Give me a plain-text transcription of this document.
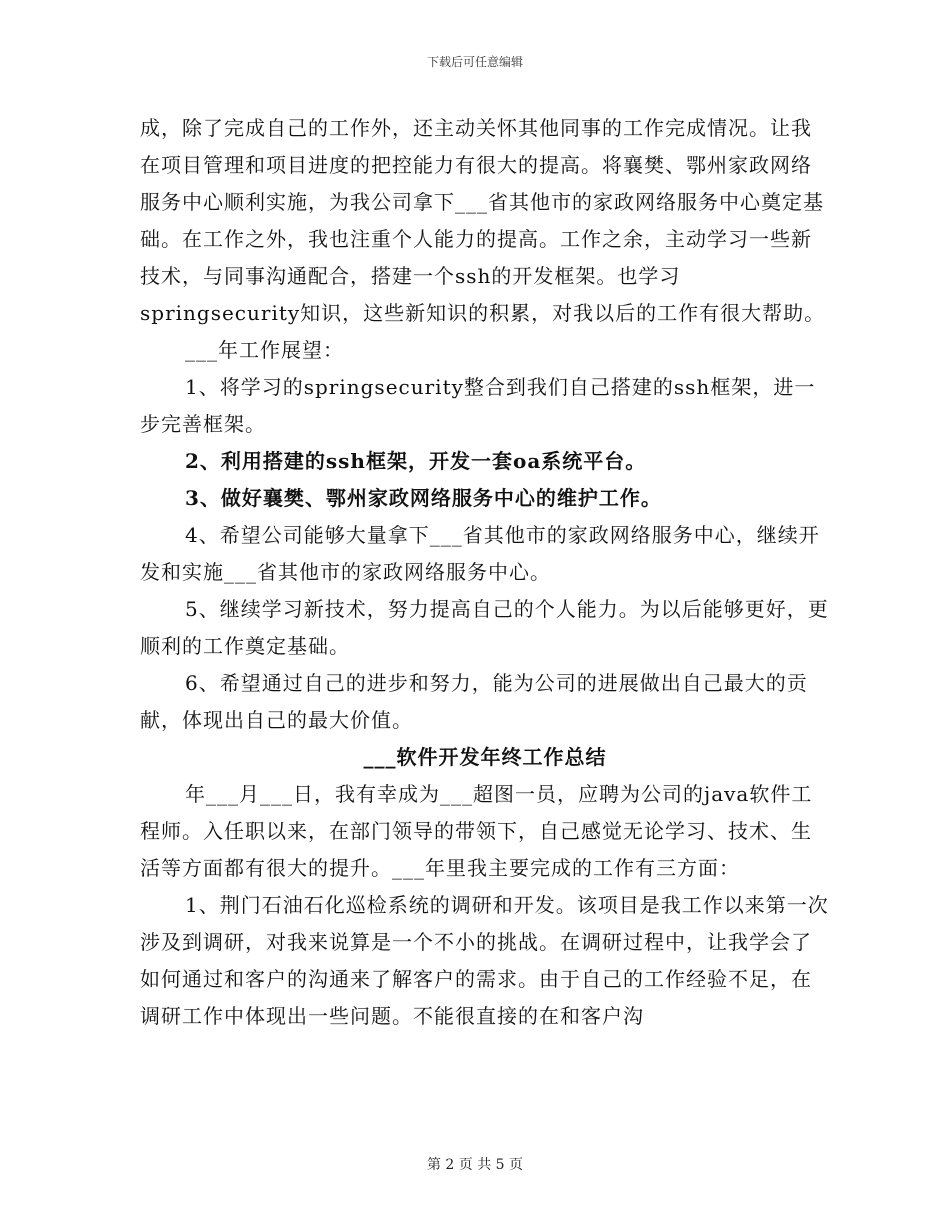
下载后可任意编辑

成，除了完成自己的工作外，还主动关怀其他同事的工作完成情况。让我在项目管理和项目进度的把控能力有很大的提高。将襄樊、鄂州家政网络服务中心顺利实施，为我公司拿下___省其他市的家政网络服务中心奠定基础。在工作之外，我也注重个人能力的提高。工作之余，主动学习一些新技术，与同事沟通配合，搭建一个ssh的开发框架。也学习springsecurity知识，这些新知识的积累，对我以后的工作有很大帮助。

___年工作展望：

1、将学习的springsecurity整合到我们自己搭建的ssh框架，进一步完善框架。

2、利用搭建的ssh框架，开发一套oa系统平台。

3、做好襄樊、鄂州家政网络服务中心的维护工作。

4、希望公司能够大量拿下___省其他市的家政网络服务中心，继续开发和实施___省其他市的家政网络服务中心。

5、继续学习新技术，努力提高自己的个人能力。为以后能够更好，更顺利的工作奠定基础。

6、希望通过自己的进步和努力，能为公司的进展做出自己最大的贡献，体现出自己的最大价值。

___软件开发年终工作总结

年___月___日，我有幸成为___超图一员，应聘为公司的java软件工程师。入任职以来，在部门领导的带领下，自己感觉无论学习、技术、生活等方面都有很大的提升。___年里我主要完成的工作有三方面：

1、荆门石油石化巡检系统的调研和开发。该项目是我工作以来第一次涉及到调研，对我来说算是一个不小的挑战。在调研过程中，让我学会了如何通过和客户的沟通来了解客户的需求。由于自己的工作经验不足，在调研工作中体现出一些问题。不能很直接的在和客户沟

第 2 页 共 5 页
